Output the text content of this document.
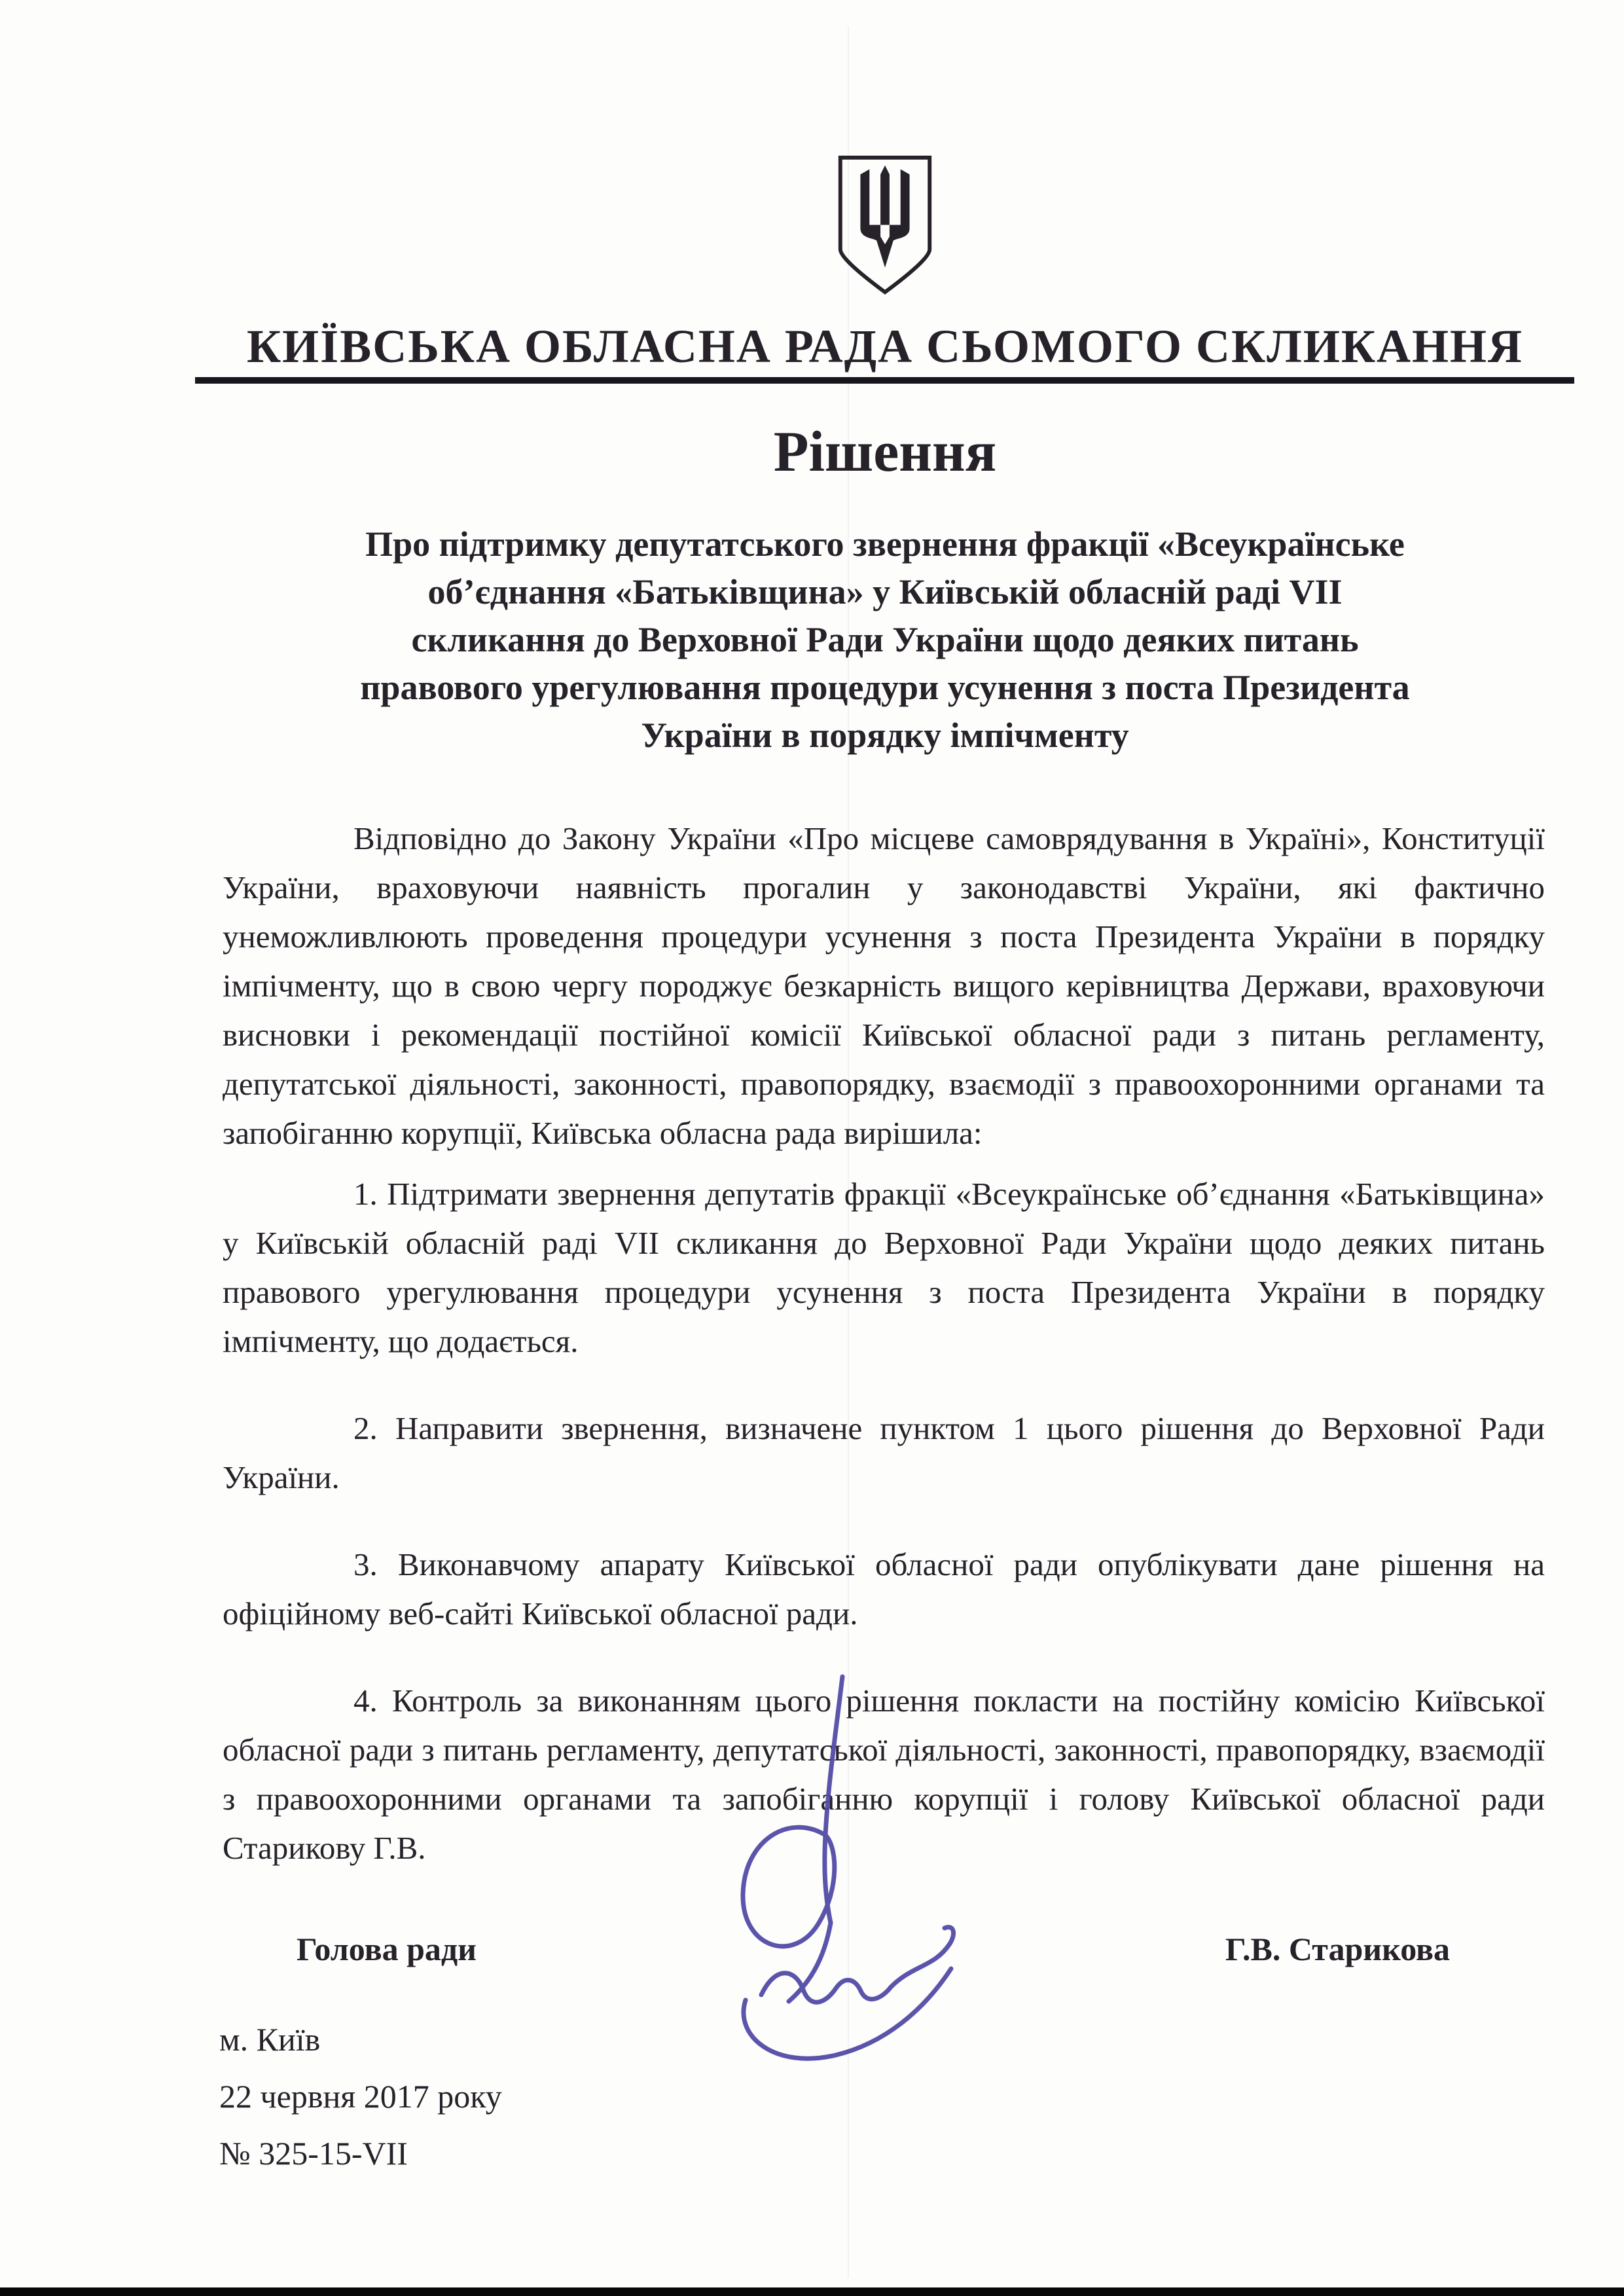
КИЇВСЬКА ОБЛАСНА РАДА СЬОМОГО СКЛИКАННЯ
Рішення
Про підтримку депутатського звернення фракції «Всеукраїнське
об’єднання «Батьківщина» у Київській обласній раді VII
скликання до Верховної Ради України щодо деяких питань
правового урегулювання процедури усунення з поста Президента
України в порядку імпічменту

Відповідно до Закону України «Про місцеве самоврядування в Україні», Конституції України, враховуючи наявність прогалин у законодавстві України, які фактично унеможливлюють проведення процедури усунення з поста Президента України в порядку імпічменту, що в свою чергу породжує безкарність вищого керівництва Держави, враховуючи висновки і рекомендації постійної комісії Київської обласної ради з питань регламенту, депутатської діяльності, законності, правопорядку, взаємодії з правоохоронними органами та запобіганню корупції, Київська обласна рада вирішила:

1. Підтримати звернення депутатів фракції «Всеукраїнське об’єднання «Батьківщина» у Київській обласній раді VII скликання до Верховної Ради України щодо деяких питань правового урегулювання процедури усунення з поста Президента України в порядку імпічменту, що додається.

2. Направити звернення, визначене пунктом 1 цього рішення до Верховної Ради України.

3. Виконавчому апарату Київської обласної ради опублікувати дане рішення на офіційному веб-сайті Київської обласної ради.

4. Контроль за виконанням цього рішення покласти на постійну комісію Київської обласної ради з питань регламенту, депутатської діяльності, законності, правопорядку, взаємодії з правоохоронними органами та запобіганню корупції і голову Київської обласної ради Старикову Г.В.

Голова ради	Г.В. Старикова
м. Київ
22 червня 2017 року
№ 325-15-VII
